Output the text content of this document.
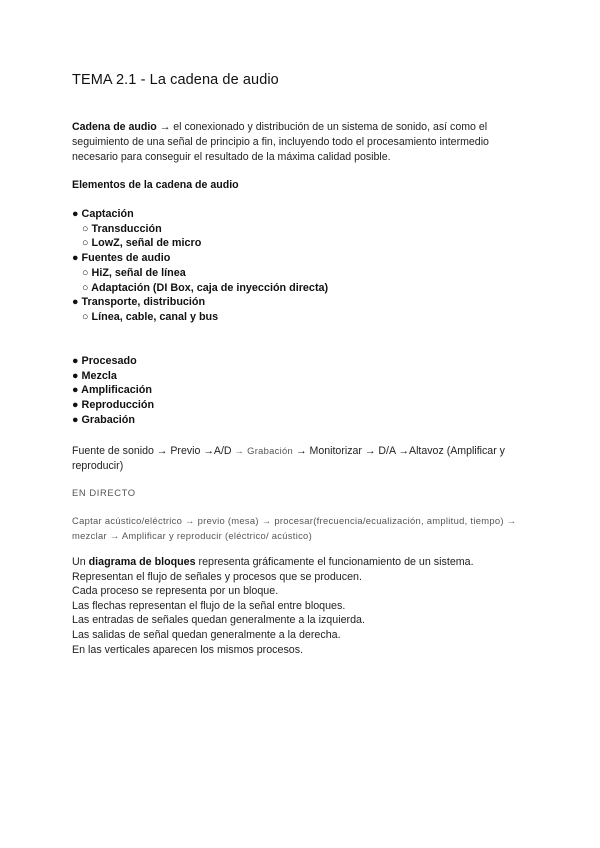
TEMA 2.1 - La cadena de audio
Cadena de audio → el conexionado y distribución de un sistema de sonido, así como el seguimiento de una señal de principio a fin, incluyendo todo el procesamiento intermedio necesario para conseguir el resultado de la máxima calidad posible.
Elementos de la cadena de audio
● Captación
○ Transducción
○ LowZ, señal de micro
● Fuentes de audio
○ HiZ, señal de línea
○ Adaptación (DI Box, caja de inyección directa)
● Transporte, distribución
○ Línea, cable, canal y bus
● Procesado
● Mezcla
● Amplificación
● Reproducción
● Grabación
Fuente de sonido → Previo →A/D → Grabación → Monitorizar → D/A →Altavoz (Amplificar y reproducir)
EN DIRECTO
Captar acústico/eléctrico → previo (mesa) → procesar(frecuencia/ecualización, amplitud, tiempo) → mezclar → Amplificar y reproducir (eléctrico/ acústico)
Un diagrama de bloques representa gráficamente el funcionamiento de un sistema.
Representan el flujo de señales y procesos que se producen.
Cada proceso se representa por un bloque.
Las flechas representan el flujo de la señal entre bloques.
Las entradas de señales quedan generalmente a la izquierda.
Las salidas de señal quedan generalmente a la derecha.
En las verticales aparecen los mismos procesos.
